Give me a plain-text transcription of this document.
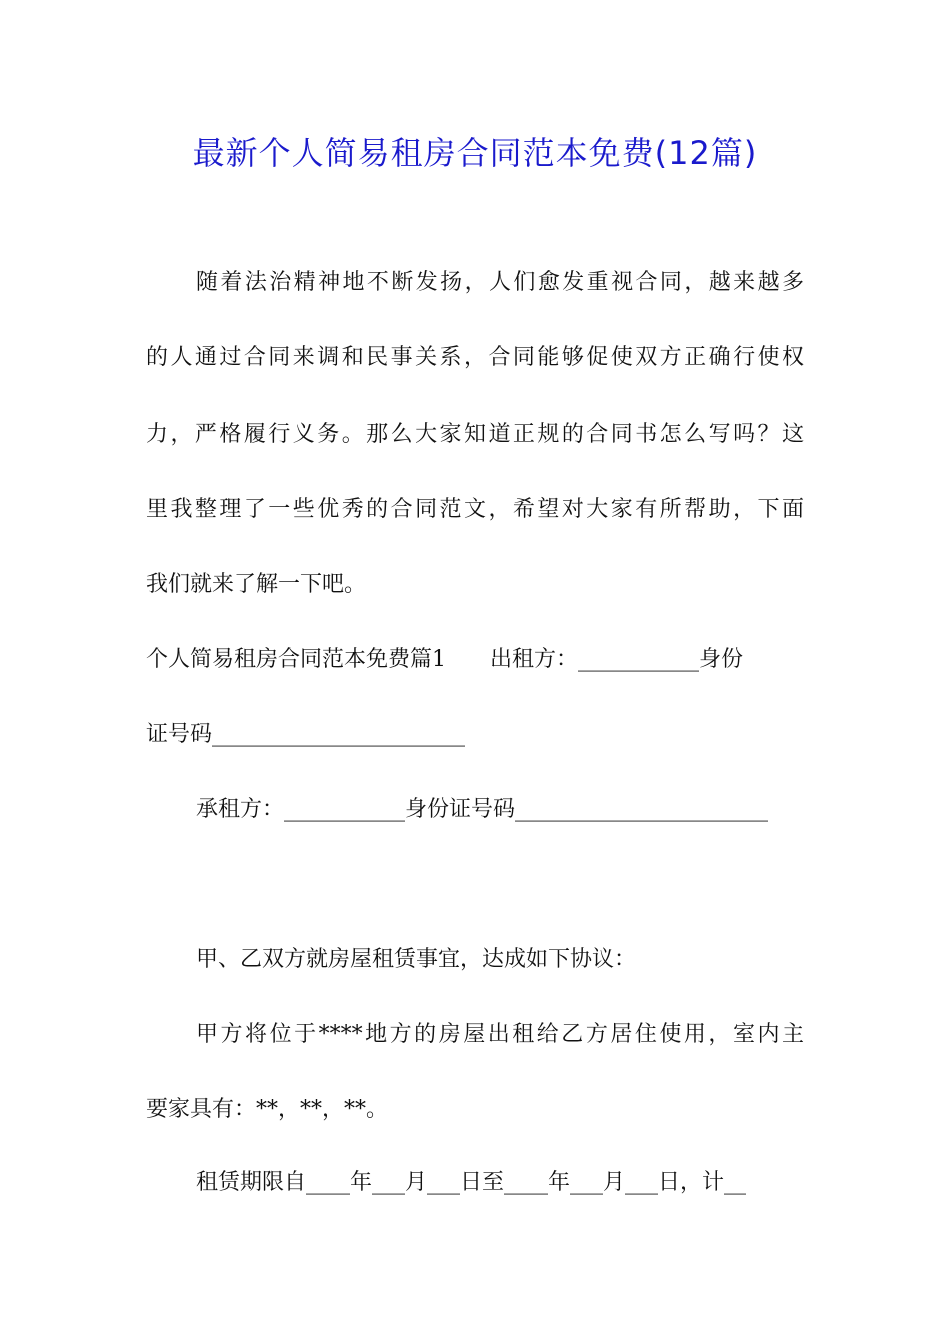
最新个人简易租房合同范本免费(12篇)
随着法治精神地不断发扬，人们愈发重视合同，越来越多
的人通过合同来调和民事关系，合同能够促使双方正确行使权
力，严格履行义务。那么大家知道正规的合同书怎么写吗？这
里我整理了一些优秀的合同范文，希望对大家有所帮助，下面
我们就来了解一下吧。
个人简易租房合同范本免费篇1　　出租方：___________身份
证号码_______________________
承租方：___________身份证号码_______________________
甲、乙双方就房屋租赁事宜，达成如下协议：
甲方将位于****地方的房屋出租给乙方居住使用，室内主
要家具有：**，**，**。
租赁期限自____年___月___日至____年___月___日，计__
